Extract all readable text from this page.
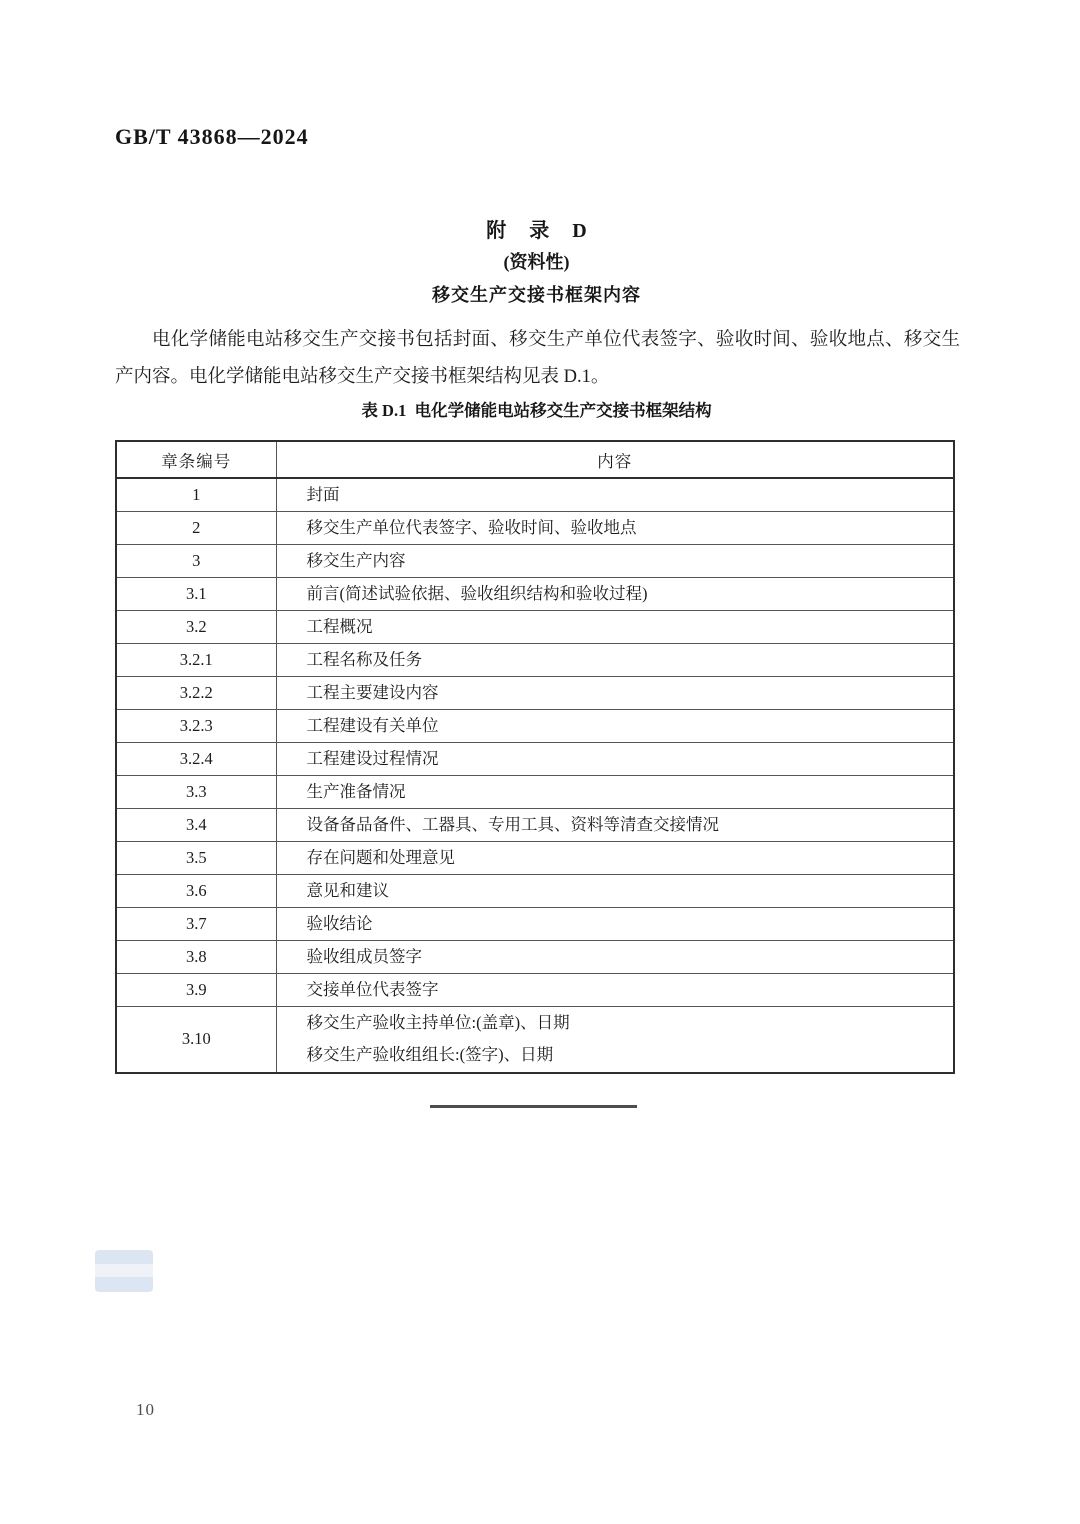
GB/T 43868—2024
附 录 D
(资料性)
移交生产交接书框架内容
电化学储能电站移交生产交接书包括封面、移交生产单位代表签字、验收时间、验收地点、移交生产内容。电化学储能电站移交生产交接书框架结构见表 D.1。
表 D.1  电化学储能电站移交生产交接书框架结构
章条编号	内容
1	封面

2	移交生产单位代表签字、验收时间、验收地点

3	移交生产内容

3.1	前言(简述试验依据、验收组织结构和验收过程)

3.2	工程概况

3.2.1	工程名称及任务

3.2.2	工程主要建设内容

3.2.3	工程建设有关单位

3.2.4	工程建设过程情况

3.3	生产准备情况

3.4	设备备品备件、工器具、专用工具、资料等清查交接情况

3.5	存在问题和处理意见

3.6	意见和建议

3.7	验收结论

3.8	验收组成员签字

3.9	交接单位代表签字

3.10	移交生产验收主持单位:(盖章)、日期
移交生产验收组组长:(签字)、日期
10
